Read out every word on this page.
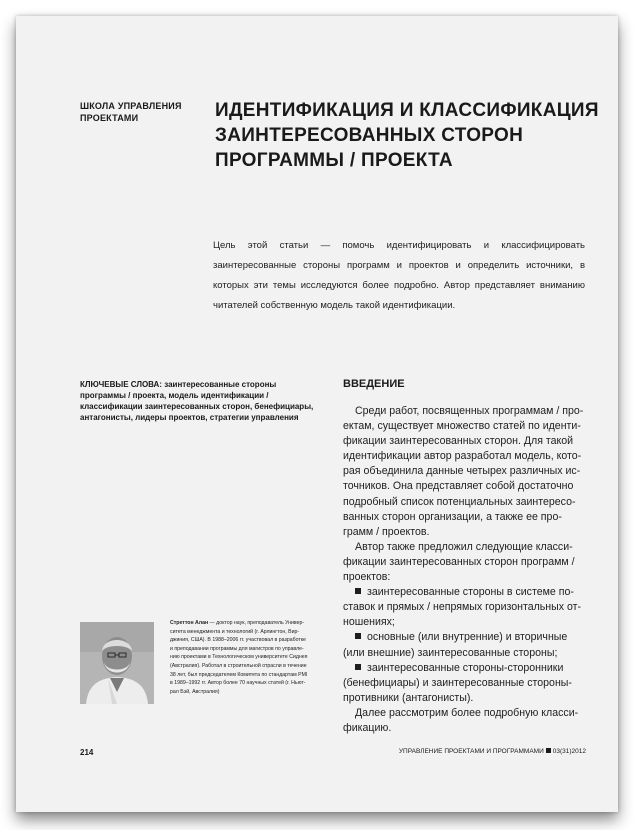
ШКОЛА УПРАВЛЕНИЯ
ПРОЕКТАМИ	ИДЕНТИФИКАЦИЯ И КЛАССИФИКАЦИЯ
ЗАИНТЕРЕСОВАННЫХ СТОРОН
ПРОГРАММЫ / ПРОЕКТА
Цель этой статьи — помочь идентифицировать и классифицировать заинтересованные стороны программ и проектов и определить источники, в которых эти темы исследуются более подробно. Автор представляет вниманию читателей собственную модель такой идентификации.
КЛЮЧЕВЫЕ СЛОВА: заинтересованные стороны программы / проекта, модель идентификации / классификации заинтересованных сторон, бенефициары, антагонисты, лидеры проектов, стратегии управления
ВВЕДЕНИЕ
Среди работ, посвященных программам / про-
ектам, существует множество статей по иденти-
фикации заинтересованных сторон. Для такой
идентификации автор разработал модель, кото-
рая объединила данные четырех различных ис-
точников. Она представляет собой достаточно
подробный список потенциальных заинтересо-
ванных сторон организации, а также ее про-
грамм / проектов.
Автор также предложил следующие класси-
фикации заинтересованных сторон программ /
проектов:
заинтересованные стороны в системе по-
ставок и прямых / непрямых горизонтальных от-
ношениях;
основные (или внутренние) и вторичные
(или внешние) заинтересованные стороны;
заинтересованные стороны-сторонники
(бенефициары) и заинтересованные стороны-
противники (антагонисты).
Далее рассмотрим более подробную класси-
фикацию.
Стреттон Алан — доктор наук, преподаватель Универ-
ситета менеджмента и технологий (г. Арлингтон, Вир-
джиния, США). В 1988–2006 гг. участвовал в разработке
и преподавании программы для магистров по управле-
нию проектами в Технологическом университете Сиднея
(Австралия). Работал в строительной отрасли в течение
38 лет, был председателем Комитета по стандартам PMI
в 1989–1992 гг. Автор более 70 научных статей (г. Ньют-
рал Бэй, Австралия)
214	УПРАВЛЕНИЕ ПРОЕКТАМИ И ПРОГРАММАМИ 03(31)2012
